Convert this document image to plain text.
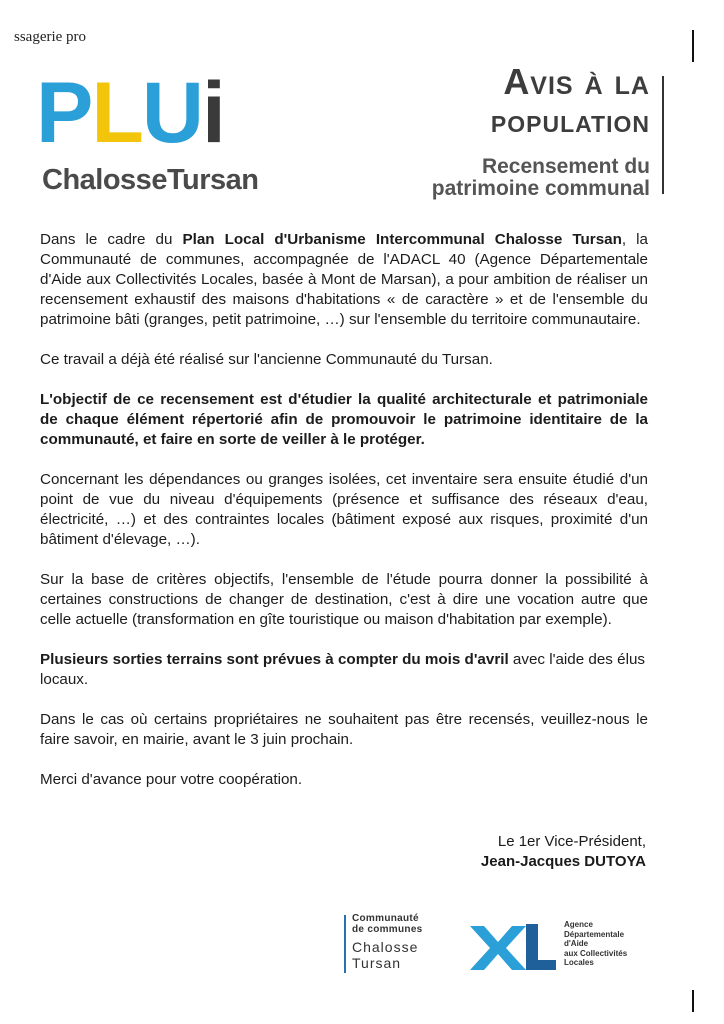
ssagerie pro
PLUi
ChalosseTursan
Avis à la
population
Recensement du
patrimoine communal

Dans le cadre du Plan Local d'Urbanisme Intercommunal Chalosse Tursan, la Communauté de communes, accompagnée de l'ADACL 40 (Agence Départementale d'Aide aux Collectivités Locales, basée à Mont de Marsan), a pour ambition de réaliser un recensement exhaustif des maisons d'habitations « de caractère » et de l'ensemble du patrimoine bâti (granges, petit patrimoine, …) sur l'ensemble du territoire communautaire.

Ce travail a déjà été réalisé sur l'ancienne Communauté du Tursan.

L'objectif de ce recensement est d'étudier la qualité architecturale et patrimoniale de chaque élément répertorié afin de promouvoir le patrimoine identitaire de la communauté, et faire en sorte de veiller à le protéger.

Concernant les dépendances ou granges isolées, cet inventaire sera ensuite étudié d'un point de vue du niveau d'équipements (présence et suffisance des réseaux d'eau, électricité, …) et des contraintes locales (bâtiment exposé aux risques, proximité d'un bâtiment d'élevage, …).

Sur la base de critères objectifs, l'ensemble de l'étude pourra donner la possibilité à certaines constructions de changer de destination, c'est à dire une vocation autre que celle actuelle (transformation en gîte touristique ou maison d'habitation par exemple).

Plusieurs sorties terrains sont prévues à compter du mois d'avril avec l'aide des élus locaux.

Dans le cas où certains propriétaires ne souhaitent pas être recensés, veuillez-nous le faire savoir, en mairie, avant le 3 juin prochain.

Merci d'avance pour votre coopération.

Le 1er Vice-Président,
Jean-Jacques DUTOYA
Communauté
de communes
Chalosse
Tursan
Agence
Départementale
d'Aide
aux Collectivités
Locales
